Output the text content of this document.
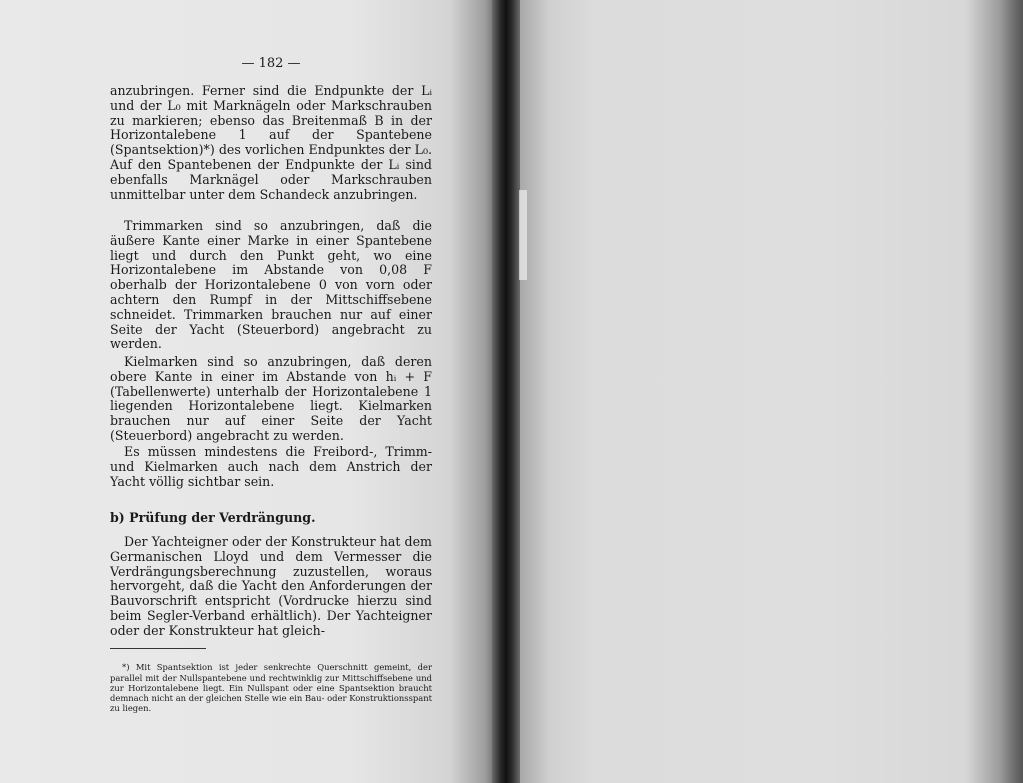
— 182 —

anzubringen. Ferner sind die Endpunkte der Lᵢ und der L₀ mit Marknägeln oder Markschrauben zu markieren; ebenso das Breitenmaß B in der Horizontalebene 1 auf der Spantebene (Spantsektion)*) des vorlichen Endpunktes der L₀. Auf den Spantebenen der Endpunkte der Lᵢ sind ebenfalls Marknägel oder Markschrauben unmittelbar unter dem Schandeck anzubringen.

Trimmarken sind so anzubringen, daß die äußere Kante einer Marke in einer Spantebene liegt und durch den Punkt geht, wo eine Horizontalebene im Abstande von 0,08 F oberhalb der Horizontalebene 0 von vorn oder achtern den Rumpf in der Mittschiffsebene schneidet. Trimmarken brauchen nur auf einer Seite der Yacht (Steuerbord) angebracht zu werden.

Kielmarken sind so anzubringen, daß deren obere Kante in einer im Abstande von hᵢ + F (Tabellenwerte) unterhalb der Horizontalebene 1 liegenden Horizontalebene liegt. Kielmarken brauchen nur auf einer Seite der Yacht (Steuerbord) angebracht zu werden.

Es müssen mindestens die Freibord-, Trimm- und Kielmarken auch nach dem Anstrich der Yacht völlig sichtbar sein.

b) Prüfung der Verdrängung.

Der Yachteigner oder der Konstrukteur hat dem Germanischen Lloyd und dem Vermesser die Verdrängungsberechnung zuzustellen, woraus hervorgeht, daß die Yacht den Anforderungen der Bauvorschrift entspricht (Vordrucke hierzu sind beim Segler-Verband erhältlich). Der Yachteigner oder der Konstrukteur hat gleich-

*) Mit Spantsektion ist jeder senkrechte Querschnitt gemeint, der parallel mit der Nullspantebene und rechtwinklig zur Mittschiffsebene und zur Horizontalebene liegt. Ein Nullspant oder eine Spantsektion braucht demnach nicht an der gleichen Stelle wie ein Bau- oder Konstruktionsspant zu liegen.
